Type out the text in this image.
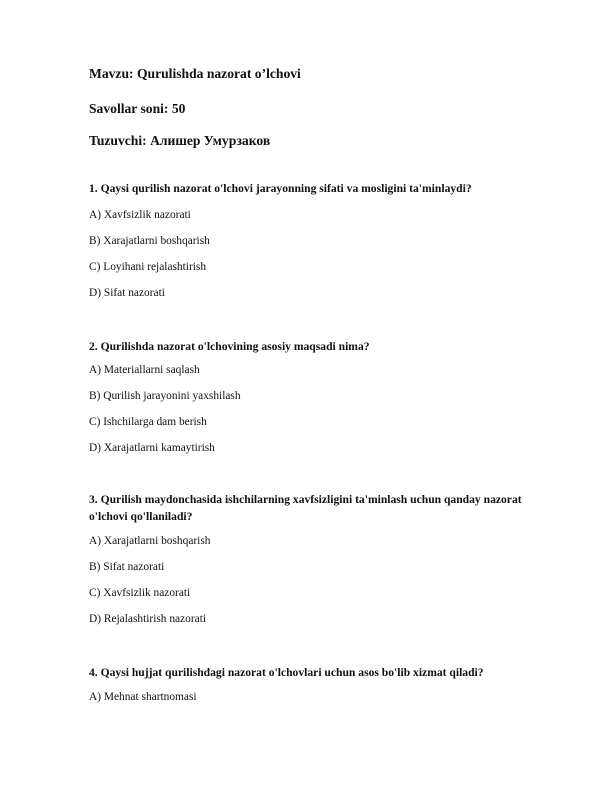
Mavzu: Qurulishda nazorat o’lchovi
Savollar soni: 50
Tuzuvchi: Алишер Умурзаков
1. Qaysi qurilish nazorat o'lchovi jarayonning sifati va mosligini ta'minlaydi?
A) Xavfsizlik nazorati
B) Xarajatlarni boshqarish
C) Loyihani rejalashtirish
D) Sifat nazorati
2. Qurilishda nazorat o'lchovining asosiy maqsadi nima?
A) Materiallarni saqlash
B) Qurilish jarayonini yaxshilash
C) Ishchilarga dam berish
D) Xarajatlarni kamaytirish
3. Qurilish maydonchasida ishchilarning xavfsizligini ta'minlash uchun qanday nazorat o'lchovi qo'llaniladi?
A) Xarajatlarni boshqarish
B) Sifat nazorati
C) Xavfsizlik nazorati
D) Rejalashtirish nazorati
4. Qaysi hujjat qurilishdagi nazorat o'lchovlari uchun asos bo'lib xizmat qiladi?
A) Mehnat shartnomasi
